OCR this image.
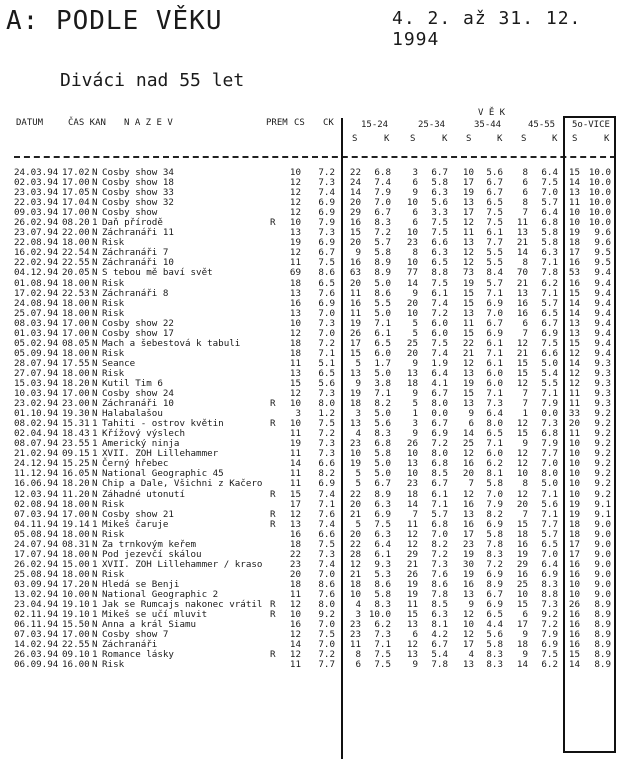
A: PODLE VĚKU	4. 2. až 31. 12. 1994
Diváci nad 55 let
DATUM	ČAS KAN N A Z E V	PREM CS CK
V Ě K
15-24	25-34	35-44	45-55 5o-VICE
S	K S	K S	K S	K S	K
24.03.94 17.02 N Cosby show 34	10	7.2	22	6.8	3	6.7	10	5.6	8	6.4	15 10.0
02.03.94 17.00 N Cosby show 18	12	7.3	24	7.4	6	5.8	17	6.7	6	7.5	14 10.0
23.03.94 17.05 N Cosby show 33	12	7.4	14	7.9	9	6.3	19	6.7	6	7.0	13 10.0
22.03.94 17.04 N Cosby show 32	12	6.9	20	7.0	10	5.6	13	6.5	8	5.7	11 10.0
09.03.94 17.00 N Cosby show	12	6.9	29	6.7	6	3.3	17	7.5	7	6.4	10 10.0
26.02.94 08.20 1 Daň přírodě	R	10	7.9	16	8.3	6	7.5	12	7.5	11	6.8	10 10.0
23.07.94 22.00 N Záchranáři 11	13	7.3	15	7.2	10	7.5	11	6.1	13	5.8	19	9.6
22.08.94 18.00 N Risk	19	6.9	20	5.7	23	6.6	13	7.7	21	5.8	18	9.6
16.02.94 22.54 N Záchranáři 7	12	6.7	9	5.8	8	6.3	12	5.5	14	6.3	17	9.5
22.02.94 22.55 N Záchranáři 10	11	7.5	16	8.9	10	6.5	12	5.5	8	7.1	16	9.5
04.12.94 20.05 N S tebou mě baví svět	69	8.6	63	8.9	77	8.8	73	8.4	70	7.8	53	9.4
01.08.94 18.00 N Risk	18	6.5	20	5.0	14	7.5	19	5.7	21	6.2	16	9.4
17.02.94 22.53 N Záchranáři 8	13	7.6	11	8.6	9	6.1	15	7.1	13	7.1	15	9.4
24.08.94 18.00 N Risk	16	6.9	16	5.5	20	7.4	15	6.9	16	5.7	14	9.4
25.07.94 18.00 N Risk	13	7.0	11	5.0	10	7.2	13	7.0	16	6.5	14	9.4
08.03.94 17.00 N Cosby show 22	10	7.3	19	7.1	5	6.0	11	6.7	6	6.7	13	9.4
01.03.94 17.00 N Cosby show 17	12	7.0	26	6.1	5	6.0	15	6.9	7	6.9	13	9.4
05.02.94 08.05 N Mach a šebestová k tabuli	18	7.2	17	6.5	25	7.5	22	6.1	12	7.5	15	9.4
05.09.94 18.00 N Risk	18	7.1	15	6.0	20	7.4	21	7.1	21	6.6	12	9.4
28.07.94 17.55 N Seance	11	5.1	5	1.7	9	1.9	12	6.1	15	5.0	14	9.3
27.07.94 18.00 N Risk	13	6.5	13	5.0	13	6.4	13	6.0	15	5.4	12	9.3
15.03.94 18.20 N Kutil Tim 6	15	5.6	9	3.8	18	4.1	19	6.0	12	5.5	12	9.3
10.03.94 17.00 N Cosby show 24	12	7.3	19	7.1	9	6.7	15	7.1	7	7.1	11	9.3
23.02.94 23.00 N Záchranáři 10	R	10	8.0	18	8.2	5	8.0	13	7.3	7	7.9	11	9.3
01.10.94 19.30 N Halabalašou	3	1.2	3	5.0	1	0.0	9	6.4	1	0.0	33	9.2
08.02.94 15.31 1 Tahiti - ostrov květin	R	10	7.5	13	5.6	3	6.7	6	8.0	12	7.3	20	9.2
02.04.94 18.43 1 Křížový výslech	11	7.2	4	8.3	9	6.9	14	6.5	15	6.8	11	9.2
08.07.94 23.55 1 Americký ninja	19	7.3	23	6.8	26	7.2	25	7.1	9	7.9	10	9.2
21.02.94 09.15 1 XVII. ZOH Lillehammer	11	7.3	10	5.8	10	8.0	12	6.0	12	7.7	10	9.2
24.12.94 15.25 N Černý hřebec	14	6.6	19	5.0	13	6.8	16	6.2	12	7.0	10	9.2
11.12.94 16.05 N National Geographic 45	11	8.2	5	5.0	10	8.5	20	8.1	10	8.0	10	9.2
16.06.94 18.20 N Chip a Dale, Všichni z Kačero	11	6.9	5	6.7	23	6.7	7	5.8	8	5.0	10	9.2
12.03.94 11.20 N Záhadné utonutí	R	15	7.4	22	8.9	18	6.1	12	7.0	12	7.1	10	9.2
02.08.94 18.00 N Risk	17	7.1	20	6.3	14	7.1	16	7.9	20	5.6	19	9.1
07.03.94 17.00 N Cosby show 21	R	12	7.6	21	6.9	7	5.7	13	8.2	7	7.1	19	9.1
04.11.94 19.14 1 Mikeš čaruje	R	13	7.4	5	7.5	11	6.8	16	6.9	15	7.7	18	9.0
05.08.94 18.00 N Risk	16	6.6	20	6.3	12	7.0	17	5.8	18	5.7	18	9.0
24.07.94 08.31 N Za trnkovým keřem	18	7.5	22	6.4	12	8.2	23	7.8	16	6.5	17	9.0
17.07.94 18.00 N Pod jezevčí skálou	22	7.3	28	6.1	29	7.2	19	8.3	19	7.0	17	9.0
26.02.94 15.00 1 XVII. ZOH Lillehammer / kraso	23	7.4	12	9.3	21	7.3	30	7.2	29	6.4	16	9.0
25.08.94 18.00 N Risk	20	7.0	21	5.3	26	7.6	19	6.9	16	6.9	16	9.0
03.09.94 17.20 N Hledá se Benji	18	8.6	18	8.6	19	8.6	16	8.9	25	8.3	10	9.0
13.02.94 10.00 N National Geographic 2	11	7.6	10	5.8	19	7.8	13	6.7	10	8.8	10	9.0
23.04.94 19.10 1 Jak se Rumcajs nakonec vrátil R	12	8.0	4	8.3	11	8.5	9	6.9	15	7.3	26	8.9
02.11.94 19.10 1 Mikeš se učí mluvit	R	10	9.2	3 10.0	15	6.3	12	6.5	6	9.2	16	8.9
06.11.94 15.50 N Anna a král Siamu	16	7.0	23	6.2	13	8.1	10	4.4	17	7.2	16	8.9
07.03.94 17.00 N Cosby show 7	12	7.5	23	7.3	6	4.2	12	5.6	9	7.9	16	8.9
14.02.94 22.55 N Záchranáři	14	7.0	11	7.1	12	6.7	17	5.8	18	6.9	16	8.9
26.03.94 09.10 1 Romance lásky	R	12	7.2	8	7.5	13	5.4	4	8.3	9	7.5	15	8.9
06.09.94 16.00 N Risk	11	7.7	6	7.5	9	7.8	13	8.3	14	6.2	14	8.9
